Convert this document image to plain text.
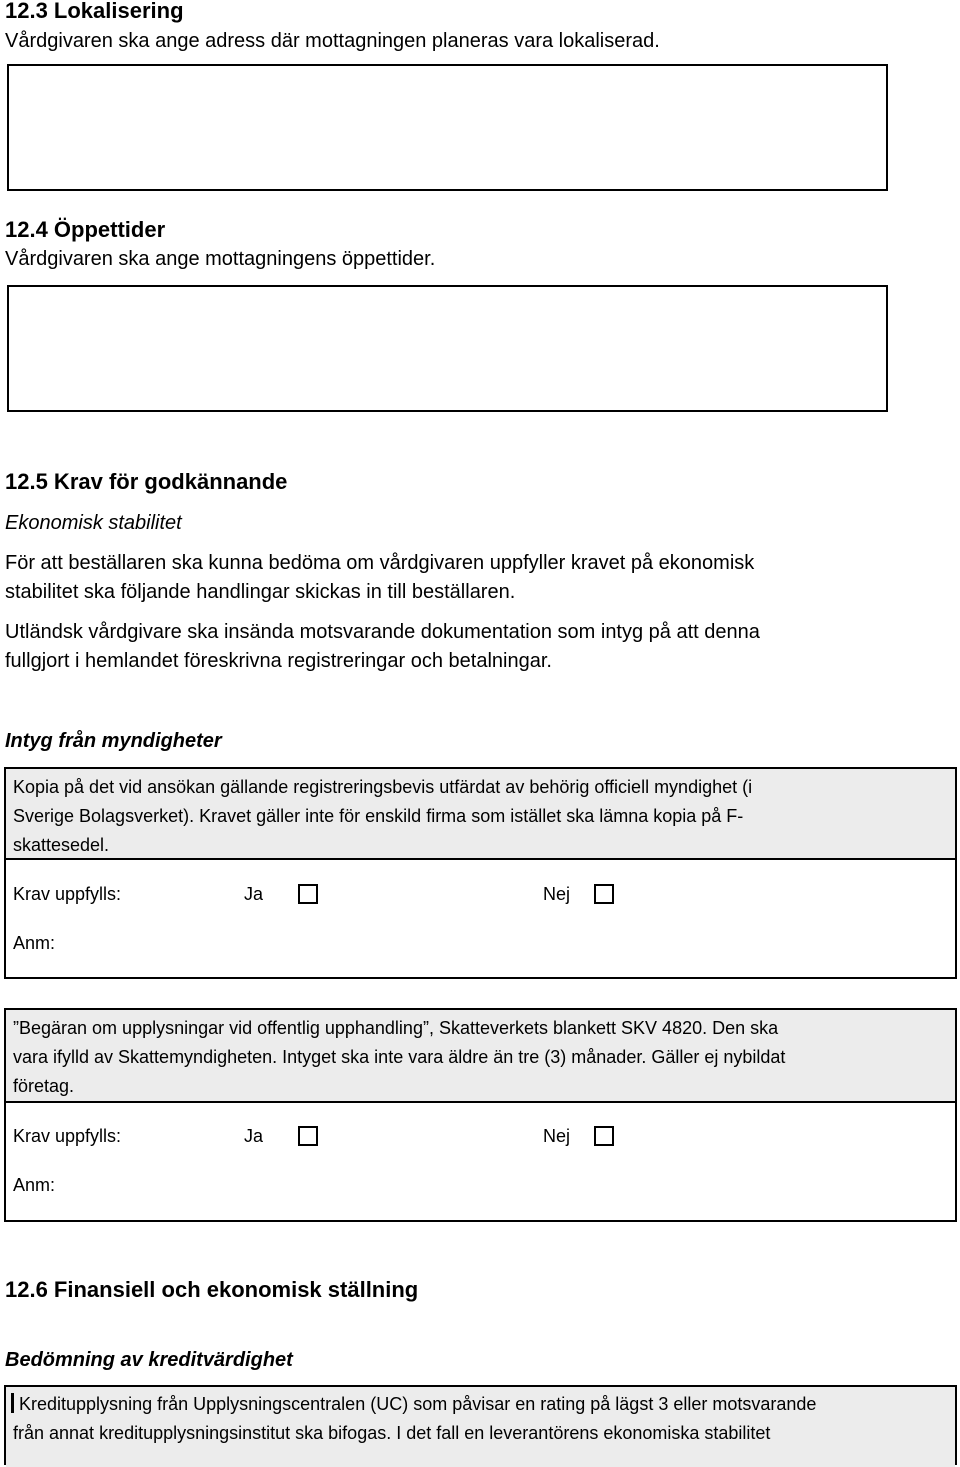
12.3 Lokalisering
Vårdgivaren ska ange adress där mottagningen planeras vara lokaliserad.
12.4 Öppettider
Vårdgivaren ska ange mottagningens öppettider.
12.5 Krav för godkännande
Ekonomisk stabilitet
För att beställaren ska kunna bedöma om vårdgivaren uppfyller kravet på ekonomisk
stabilitet ska följande handlingar skickas in till beställaren.
Utländsk vårdgivare ska insända motsvarande dokumentation som intyg på att denna
fullgjort i hemlandet föreskrivna registreringar och betalningar.
Intyg från myndigheter
Kopia på det vid ansökan gällande registreringsbevis utfärdat av behörig officiell myndighet (i
Sverige Bolagsverket). Kravet gäller inte för enskild firma som istället ska lämna kopia på F-
skattesedel.
Krav uppfylls:	Ja	Nej
Anm:
”Begäran om upplysningar vid offentlig upphandling”, Skatteverkets blankett SKV 4820. Den ska
vara ifylld av Skattemyndigheten. Intyget ska inte vara äldre än tre (3) månader. Gäller ej nybildat
företag.
Krav uppfylls:	Ja	Nej
Anm:
12.6 Finansiell och ekonomisk ställning
Bedömning av kreditvärdighet
Kreditupplysning från Upplysningscentralen (UC) som påvisar en rating på lägst 3 eller motsvarande
från annat kreditupplysningsinstitut ska bifogas. I det fall en leverantörens ekonomiska stabilitet
